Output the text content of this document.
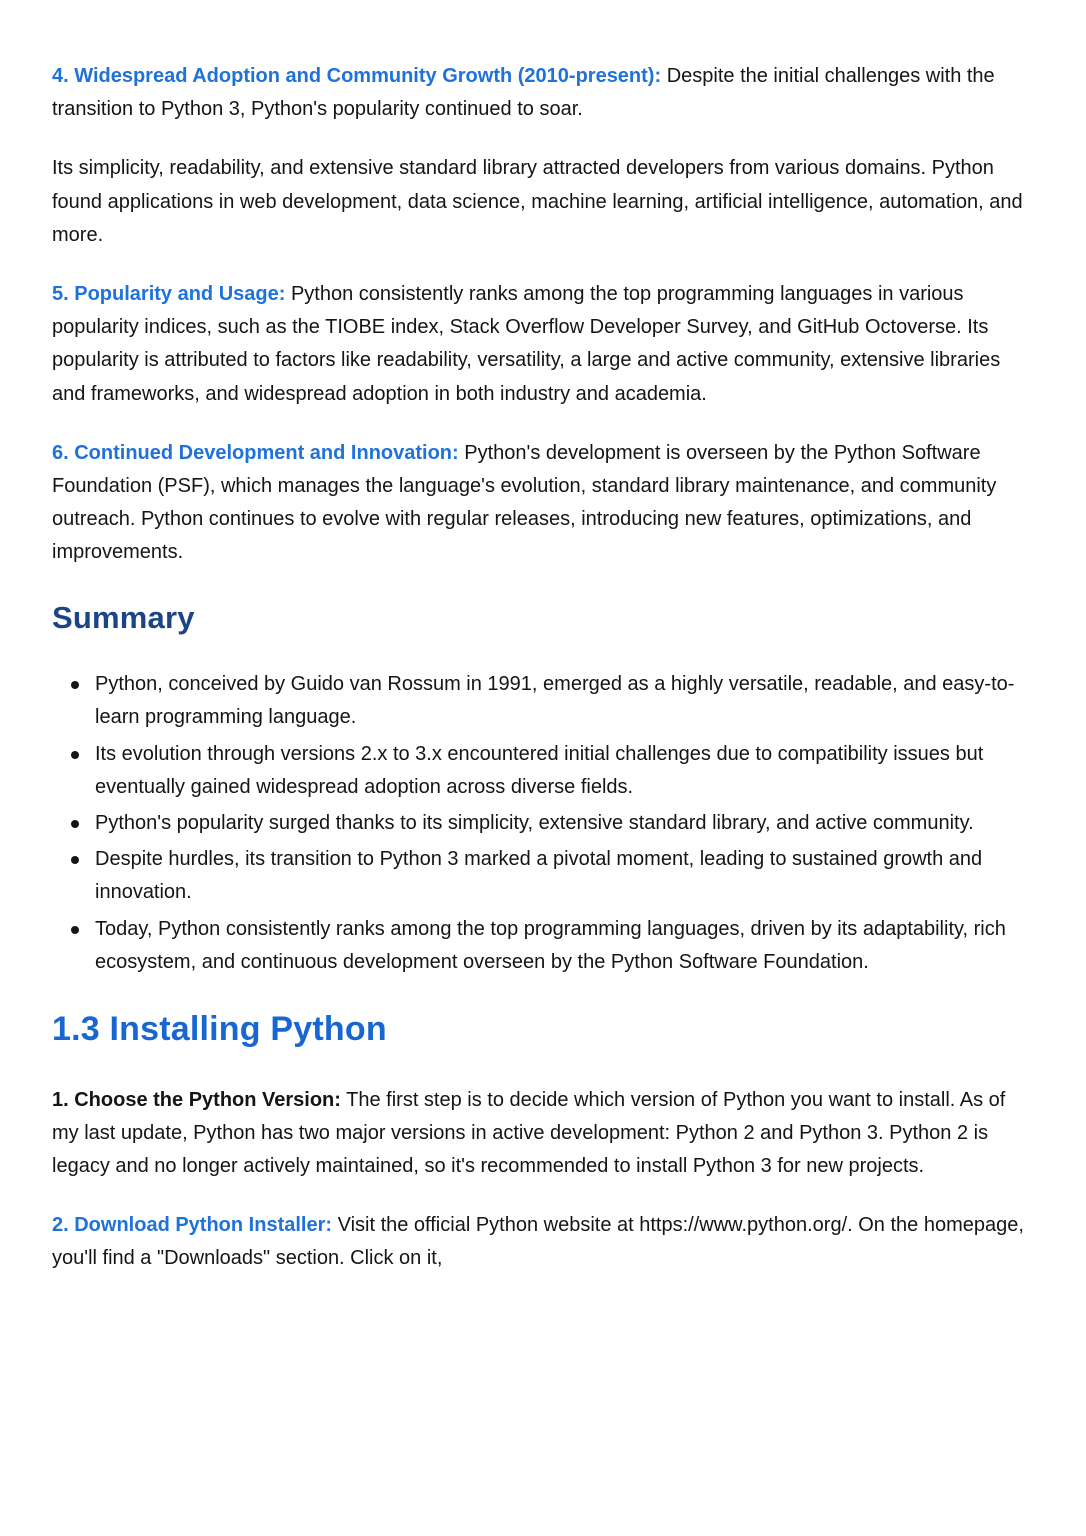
4. Widespread Adoption and Community Growth (2010-present): Despite the initial challenges with the transition to Python 3, Python's popularity continued to soar.

Its simplicity, readability, and extensive standard library attracted developers from various domains. Python found applications in web development, data science, machine learning, artificial intelligence, automation, and more.

5. Popularity and Usage: Python consistently ranks among the top programming languages in various popularity indices, such as the TIOBE index, Stack Overflow Developer Survey, and GitHub Octoverse. Its popularity is attributed to factors like readability, versatility, a large and active community, extensive libraries and frameworks, and widespread adoption in both industry and academia.

6. Continued Development and Innovation: Python's development is overseen by the Python Software Foundation (PSF), which manages the language's evolution, standard library maintenance, and community outreach. Python continues to evolve with regular releases, introducing new features, optimizations, and improvements.

Summary
Python, conceived by Guido van Rossum in 1991, emerged as a highly versatile, readable, and easy-to-learn programming language.
Its evolution through versions 2.x to 3.x encountered initial challenges due to compatibility issues but eventually gained widespread adoption across diverse fields.
Python's popularity surged thanks to its simplicity, extensive standard library, and active community.
Despite hurdles, its transition to Python 3 marked a pivotal moment, leading to sustained growth and innovation.
Today, Python consistently ranks among the top programming languages, driven by its adaptability, rich ecosystem, and continuous development overseen by the Python Software Foundation.
1.3 Installing Python

1. Choose the Python Version: The first step is to decide which version of Python you want to install. As of my last update, Python has two major versions in active development: Python 2 and Python 3. Python 2 is legacy and no longer actively maintained, so it's recommended to install Python 3 for new projects.

2. Download Python Installer: Visit the official Python website at https://www.python.org/. On the homepage, you'll find a "Downloads" section. Click on it,
